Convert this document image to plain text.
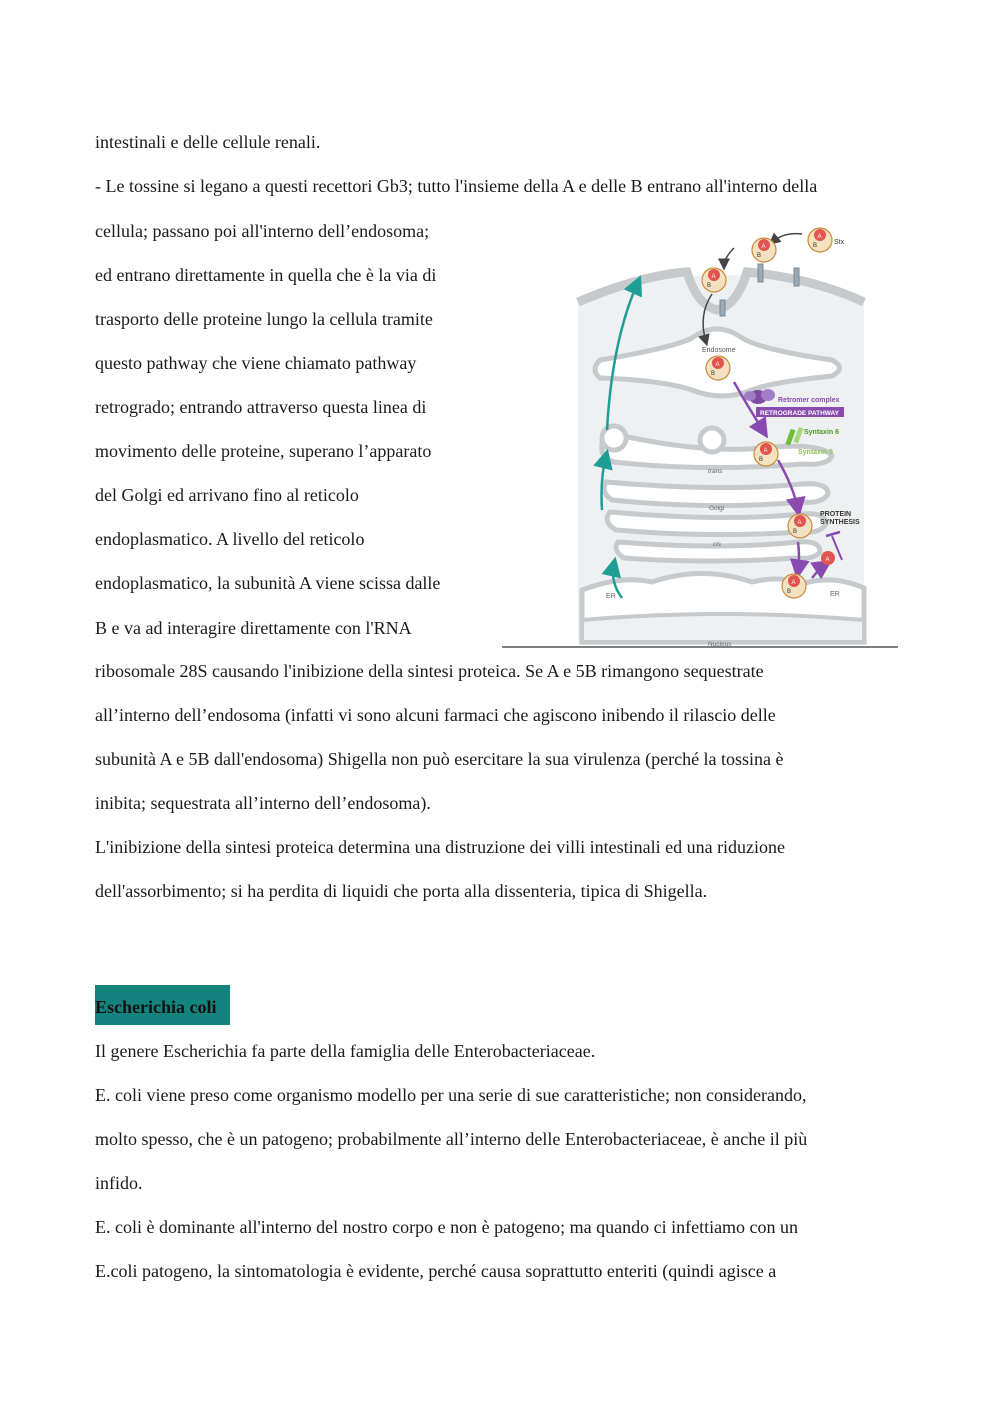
intestinali e delle cellule renali.
- Le tossine si legano a questi recettori Gb3; tutto l'insieme della A e delle B entrano all'interno della
cellula; passano poi all'interno dell’endosoma;
ed entrano direttamente in quella che è la via di
trasporto delle proteine lungo la cellula tramite
questo pathway che viene chiamato pathway
retrogrado; entrando attraverso questa linea di
movimento delle proteine, superano l’apparato
del Golgi ed arrivano fino al reticolo
endoplasmatico. A livello del reticolo
endoplasmatico, la subunità A viene scissa dalle
B e va ad interagire direttamente con l'RNA
ribosomale 28S causando l'inibizione della sintesi proteica. Se A e 5B rimangono sequestrate
all’interno dell’endosoma (infatti vi sono alcuni farmaci che agiscono inibendo il rilascio delle
subunità A e 5B dall'endosoma) Shigella non può esercitare la sua virulenza (perché la tossina è
inibita; sequestrata all’interno dell’endosoma).
L'inibizione della sintesi proteica determina una distruzione dei villi intestinali ed una riduzione
dell'assorbimento; si ha perdita di liquidi che porta alla dissenteria, tipica di Shigella.
Escherichia coli
Il genere Escherichia fa parte della famiglia delle Enterobacteriaceae.
E. coli viene preso come organismo modello per una serie di sue caratteristiche; non considerando,
molto spesso, che è un patogeno; probabilmente all’interno delle Enterobacteriaceae, è anche il più
infido.
E. coli è dominante all'interno del nostro corpo e non è patogeno; ma quando ci infettiamo con un
E.coli patogeno, la sintomatologia è evidente, perché causa soprattutto enteriti (quindi agisce a
A
B
A
B
A
B
A
B
A
B
A
B
A
B
A
Stx
Endosome
Retromer complex
RETROGRADE PATHWAY
Syntaxin 6
Syntaxin 5
trans
Golgi
cis
PROTEIN
SYNTHESIS
ER	ER
Nucleus
